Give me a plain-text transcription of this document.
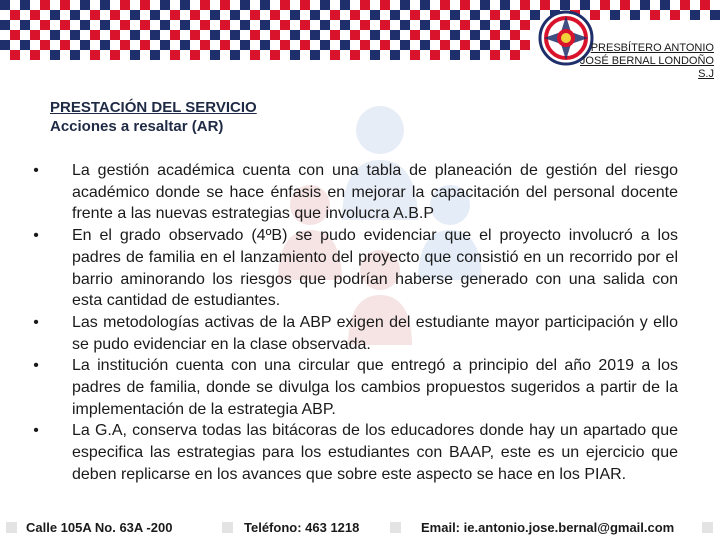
PRESBÍTERO ANTONIO JOSÉ BERNAL LONDOÑO S.J
PRESTACIÓN DEL SERVICIO
Acciones a resaltar (AR)
•	La gestión académica cuenta con una tabla de planeación de gestión del riesgo académico donde se hace énfasis en mejorar la capacitación del personal docente frente a las nuevas estrategias que involucra A.B.P
•	En el grado observado (4ºB) se pudo evidenciar que el proyecto involucró a los padres de familia en el lanzamiento del proyecto que consistió en un recorrido por el barrio aminorando los riesgos que podrían haberse generado con una salida con esta cantidad de estudiantes.
•	Las metodologías activas de la ABP exigen del estudiante mayor participación y ello se pudo evidenciar en la clase observada.
•	La institución cuenta con una circular que entregó a principio del año 2019 a los padres de familia, donde se divulga los cambios propuestos sugeridos a partir de la implementación de la estrategia ABP.
•	La G.A, conserva todas las bitácoras de los educadores donde hay un apartado que especifica las estrategias para los estudiantes con BAAP, este es un ejercicio que deben replicarse en los avances que sobre este aspecto se hace en los PIAR.
Calle 105A No. 63A -200	Teléfono: 463 1218	Email: ie.antonio.jose.bernal@gmail.com
